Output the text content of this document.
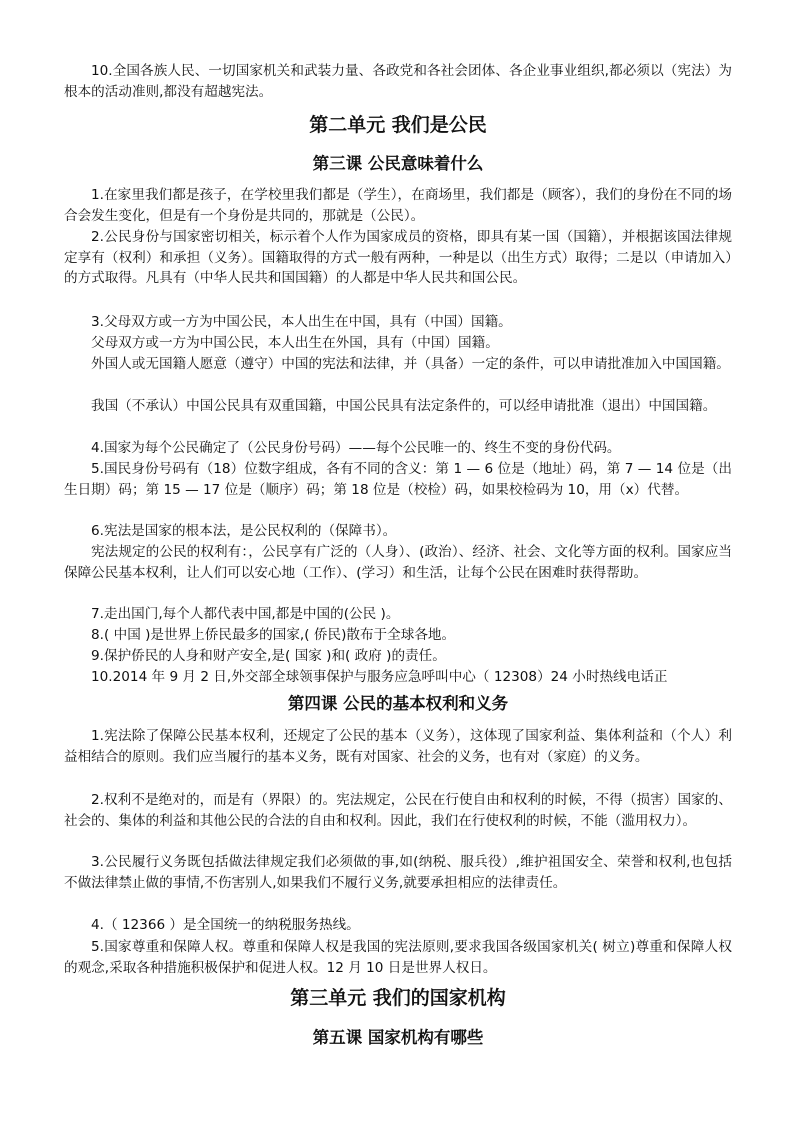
10.全国各族人民、一切国家机关和武装力量、各政党和各社会团体、各企业事业组织,都必须以（宪法）为根本的活动准则,都没有超越宪法。

第二单元 我们是公民
第三课 公民意味着什么

1.在家里我们都是孩子，在学校里我们都是（学生），在商场里，我们都是（顾客），我们的身份在不同的场合会发生变化，但是有一个身份是共同的，那就是（公民）。

2.公民身份与国家密切相关，标示着个人作为国家成员的资格，即具有某一国（国籍），并根据该国法律规定享有（权利）和承担（义务）。国籍取得的方式一般有两种，一种是以（出生方式）取得；二是以（申请加入）的方式取得。凡具有（中华人民共和国国籍）的人都是中华人民共和国公民。

3.父母双方或一方为中国公民，本人出生在中国，具有（中国）国籍。

父母双方或一方为中国公民，本人出生在外国，具有（中国）国籍。

外国人或无国籍人愿意（遵守）中国的宪法和法律，并（具备）一定的条件，可以申请批准加入中国国籍。

我国（不承认）中国公民具有双重国籍，中国公民具有法定条件的，可以经申请批准（退出）中国国籍。

4.国家为每个公民确定了（公民身份号码）——每个公民唯一的、终生不变的身份代码。

5.国民身份号码有（18）位数字组成，各有不同的含义：第 1 — 6 位是（地址）码，第 7 — 14 位是（出生日期）码；第 15 — 17 位是（顺序）码；第 18 位是（校检）码，如果校检码为 10，用（x）代替。

6.宪法是国家的根本法，是公民权利的（保障书）。

宪法规定的公民的权利有：，公民享有广泛的（人身）、(政治）、经济、社会、文化等方面的权利。国家应当保障公民基本权利，让人们可以安心地（工作）、(学习）和生活，让每个公民在困难时获得帮助。

7.走出国门,每个人都代表中国,都是中国的(公民 )。

8.( 中国 )是世界上侨民最多的国家,( 侨民)散布于全球各地。

9.保护侨民的人身和财产安全,是( 国家 )和( 政府 )的责任。

10.2014 年 9 月 2 日,外交部全球领事保护与服务应急呼叫中心（ 12308）24 小时热线电话正

第四课 公民的基本权利和义务

1.宪法除了保障公民基本权利，还规定了公民的基本（义务），这体现了国家利益、集体利益和（个人）利益相结合的原则。我们应当履行的基本义务，既有对国家、社会的义务，也有对（家庭）的义务。

2.权利不是绝对的，而是有（界限）的。宪法规定，公民在行使自由和权利的时候，不得（损害）国家的、社会的、集体的利益和其他公民的合法的自由和权利。因此，我们在行使权利的时候，不能（滥用权力）。

3.公民履行义务既包括做法律规定我们必须做的事,如(纳税、服兵役）,维护祖国安全、荣誉和权利,也包括不做法律禁止做的事情,不伤害别人,如果我们不履行义务,就要承担相应的法律责任。

4.（ 12366 ）是全国统一的纳税服务热线。

5.国家尊重和保障人权。尊重和保障人权是我国的宪法原则,要求我国各级国家机关( 树立)尊重和保障人权的观念,采取各种措施积极保护和促进人权。12 月 10 日是世界人权日。

第三单元 我们的国家机构
第五课 国家机构有哪些
